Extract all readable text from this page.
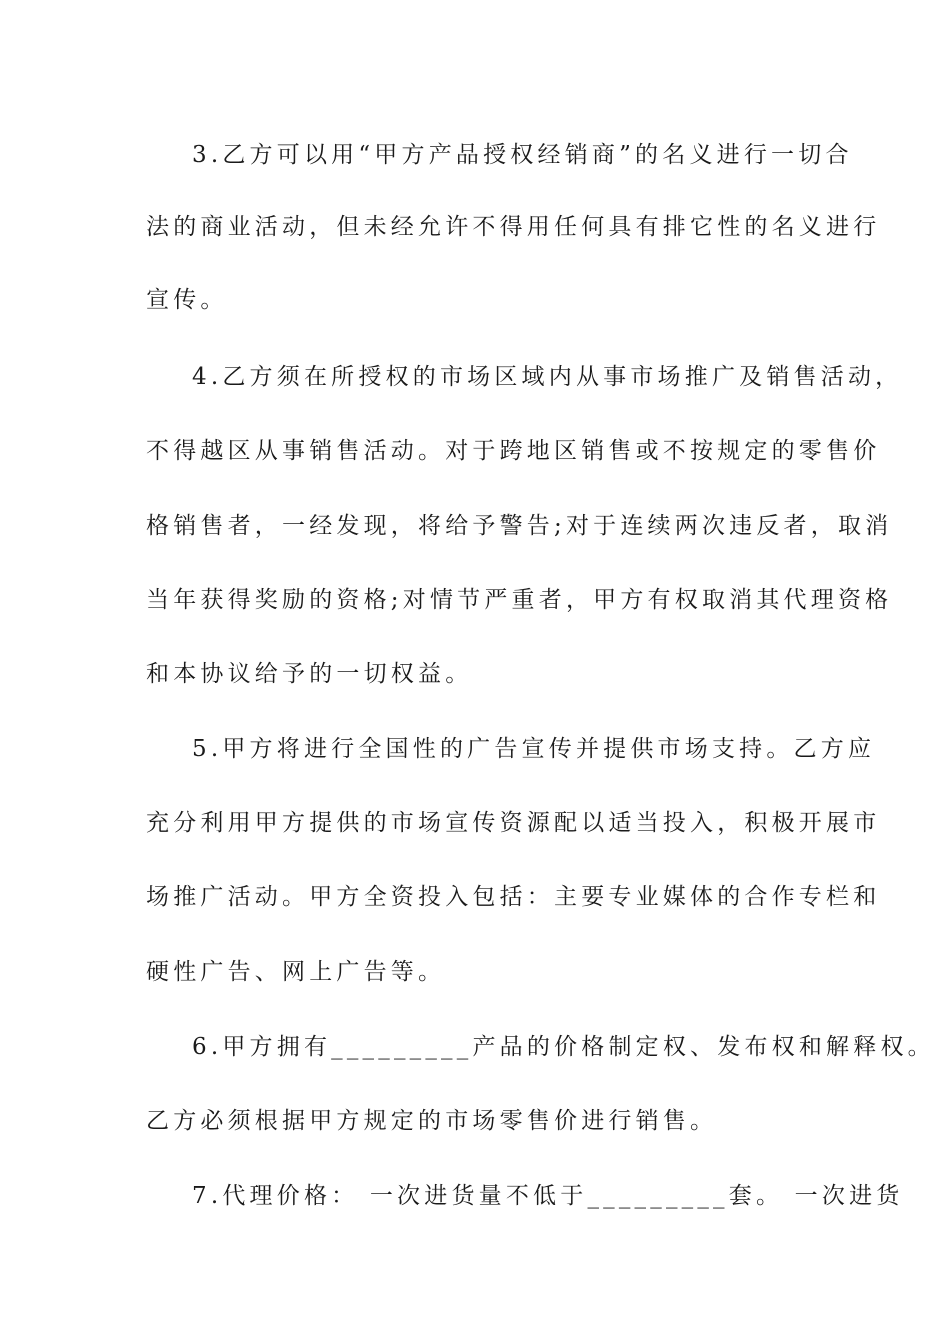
3.乙方可以用“甲方产品授权经销商”的名义进行一切合
法的商业活动，但未经允许不得用任何具有排它性的名义进行
宣传。
4.乙方须在所授权的市场区域内从事市场推广及销售活动，
不得越区从事销售活动。对于跨地区销售或不按规定的零售价
格销售者，一经发现，将给予警告;对于连续两次违反者，取消
当年获得奖励的资格;对情节严重者，甲方有权取消其代理资格
和本协议给予的一切权益。
5.甲方将进行全国性的广告宣传并提供市场支持。乙方应
充分利用甲方提供的市场宣传资源配以适当投入，积极开展市
场推广活动。甲方全资投入包括：主要专业媒体的合作专栏和
硬性广告、网上广告等。
6.甲方拥有_________产品的价格制定权、发布权和解释权。
乙方必须根据甲方规定的市场零售价进行销售。
7.代理价格： 一次进货量不低于_________套。 一次进货
